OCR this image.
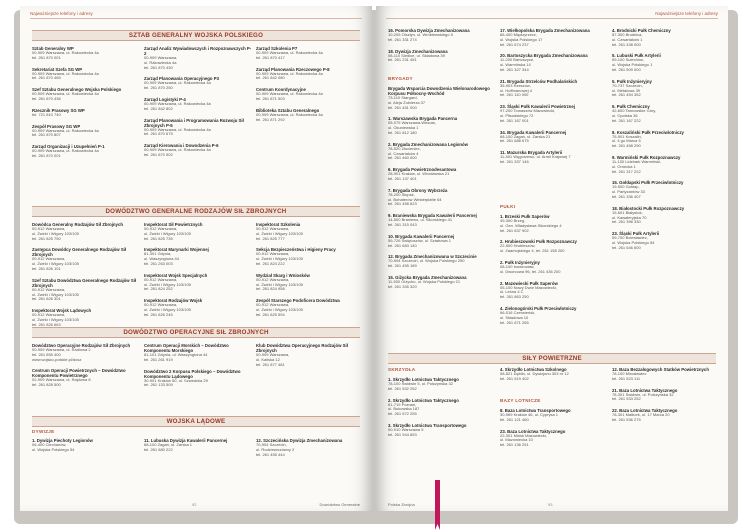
Najważniejsze telefony i adresy
SZTAB GENERALNY WOJSKA POLSKIEGO
Sztab Generalny WP
00-909 Warszawa, ul. Rakowiecka 4a
tel. 261 870 001
Sekretariat Szefa SG WP
00-909 Warszawa, ul. Rakowiecka 4a
tel. 261 870 465
Szef Sztabu Generalnego Wojska Polskiego
00-909 Warszawa, ul. Rakowiecka 4a
tel. 261 870 436
Rzecznik Prasowy SG WP
tel. 721 810 740
Zespół Prasowy SG WP
00-909 Warszawa, ul. Rakowiecka 4a
tel. 261 870 807
Zarząd Organizacji i Uzupełnień P-1
00-909 Warszawa, ul. Rakowiecka 4a
tel. 261 870 001
Zarząd Analiz Wywiadowczych i Rozpoznawczych P-2
00-909 Warszawa,
ul. Rakowiecka 4a
tel. 261 870 430
Zarząd Planowania Operacyjnego P3
00-909 Warszawa, ul. Rakowiecka 4a
tel. 261 870 250
Zarząd Logistyki P-4
00-909 Warszawa, ul. Rakowiecka 4a
tel. 261 842 802
Zarząd Planowania i Programowania Rozwoju Sił Zbrojnych P-5
00-909 Warszawa, ul. Rakowiecka 4a
tel. 261 870 675
Zarząd Kierowania i Dowodzenia P-6
00-909 Warszawa, ul. Rakowiecka 4a
tel. 261 870 502
Zarząd Szkolenia P7
00-909 Warszawa, ul. Rakowiecka 4a
tel. 261 870 417
Zarząd Planowania Rzeczowego P-8
00-909 Warszawa, ul. Rakowiecka 4a
tel. 261 842 080
Centrum Koordynacyjne
00-909 Warszawa, ul. Rakowiecka 4a
tel. 261 871 503
Biblioteka Sztabu Generalnego
00-909 Warszawa, ul. Rakowiecka 4a
tel. 261 871 292
DOWÓDZTWO GENERALNE RODZAJÓW SIŁ ZBROJNYCH
Dowódca Generalny Rodzajów Sił Zbrojnych
00-912 Warszawa,
ul. Żwirki i Wigury 103/105
tel. 261 825 750
Zastępca Dowódcy Generalnego Rodzajów Sił Zbrojnych
00-912 Warszawa,
ul. Żwirki i Wigury 103/105
tel. 261 826 101
Szef Sztabu Dowództwa Generalnego Rodzajów Sił Zbrojnych
00-912 Warszawa,
ul. Żwirki i Wigury 103/105
tel. 261 826 301
Inspektorat Wojsk Lądowych
00-912 Warszawa,
ul. Żwirki i Wigury 103/105
tel. 261 826 663
Inspektorat Sił Powietrznych
00-912 Warszawa,
ul. Żwirki i Wigury 103/105
tel. 261 825 735
Inspektorat Marynarki Wojennej
81-301 Gdynia,
ul. Waszyngtona 44
tel. 261 263 003
Inspektorat Wojsk Specjalnych
00-912 Warszawa,
ul. Żwirki i Wigury 103/105
tel. 261 824 252
Inspektorat Rodzajów Wojsk
00-912 Warszawa,
ul. Żwirki i Wigury 103/105
tel. 261 826 245
Inspektorat Szkolenia
00-912 Warszawa,
ul. Żwirki i Wigury 103/105
tel. 261 825 777
Sekcja Bezpieczeństwa i Higieny Pracy
00-912 Warszawa,
ul. Żwirki i Wigury 103/105
tel. 261 824 222
Wydział Skarg i Wniosków
00-912 Warszawa,
ul. Żwirki i Wigury 103/105
tel. 261 824 958
Zespół Starszego Podoficera Dowództwa
00-912 Warszawa,
ul. Żwirki i Wigury 103/105
tel. 261 825 594
DOWÓDZTWO OPERACYJNE SIŁ ZBROJNYCH
Dowództwo Operacyjne Rodzajów Sił Zbrojnych
00-909 Warszawa, ul. Radiowa 2
tel. 261 855 400
www.wojsko-polskie.pl/dosz
Centrum Operacji Powietrznych – Dowództwo Komponentu Powietrznego
02-909 Warszawa, ul. Rajdowa 8
tel. 261 828 500
Centrum Operacji Morskich – Dowództwo Komponentu Morskiego
81-101 Gdynia, ul. Waszyngtona 44
tel. 261 261 919
Dowództwo 2 Korpusu Polskiego – Dowództwo Komponentu Lądowego
30-901 Kraków 50, ul. Szwedzka 29
tel. 261 133 509
Klub Dowództwa Operacyjnego Rodzajów Sił Zbrojnych
00-909 Warszawa,
ul. Kaliska 12
tel. 261 877 481
WOJSKA LĄDOWE
DYWIZJE
1. Dywizja Piechoty Legionów
06-400 Ciechanów,
ul. Wojska Polskiego 54
11. Lubuska Dywizja Kawalerii Pancernej
68-100 Żagań, ul. Żarska 1
tel. 261 680 222
12. Szczecińska Dywizja Zmechanizowana
70-904 Szczecin,
ul. Rodziewiczówny 2
tel. 261 455 444
92	Dowództwo Generalne
Najważniejsze telefony i adresy
16. Pomorska Dywizja Zmechanizowana
10-205 Olsztyn, ul. Wróblewskiego 5
tel. 261 331 274
18. Dywizja Zmechanizowana
08-110 Siedlce, ul. Składowa 39
tel. 261 231 451
BRYGADY
Brygada Wsparcia Dowodzenia Wielonarodowego Korpusu Północny-Wschód
73-110 Stargard,
ul. Aleja Żołnierza 37
tel. 261 451 000
1. Warszawska Brygada Pancerna
05-075 Warszawa-Wesoła,
ul. Okuniewska 1
tel. 261 812 180
2. Brygada Zmechanizowana Legionów
78-520 Złocieniec,
ul. Czwartaków 4
tel. 261 460 000
6. Brygada Powietrznodesantowa
28-901 Kraków, ul. Wrocławska 21
tel. 261 137 401
7. Brygada Obrony Wybrzeża
78-200 Słupsk,
ul. Bohaterów Westerplatte 64
tel. 261 458 623
9. Braniewska Brygada Kawalerii Pancernej
14-500 Braniewo, ul. Sikorskiego 41
tel. 261 315 043
10. Brygada Kawalerii Pancernej
59-726 Świętoszów, ul. Sztabowa 1
tel. 261 683 140
12. Brygada Zmechanizowana w Szczecinie
70-904 Szczecin, ul. Wojska Polskiego 250
tel. 261 455 189
15. Giżycka Brygada Zmechanizowana
11-500 Giżycko, ul. Wojska Polskiego 21
tel. 261 335 320
17. Wielkopolska Brygada Zmechanizowana
66-400 Międzyrzecz,
ul. Wojska Polskiego 17
tel. 261 674 237
20. Bartoszycka Brygada Zmechanizowana
11-200 Bartoszyce,
ul. Warmińska 14
tel. 261 327 344
21. Brygada Strzelców Podhalańskich
35-903 Rzeszów,
ul. Hoffmanowej 4
tel. 261 110 000
23. Śląski Pułk Kawalerii Powietrznej
97-200 Tomaszów Mazowiecki,
ul. Piłsudskiego 72
tel. 261 167 001
34. Brygada Kawalerii Pancernej
68-100 Żagań, ul. Żarska 21
tel. 261 688 675
11. Mazurska Brygada Artylerii
11-401 Węgorzewo, ul. Armii Krajowej 7
tel. 261 337 146
PUŁKI
1. Brzeski Pułk Saperów
49-300 Brzeg,
ul. Gen. Władysława Sikorskiego 4
tel. 261 637 902
2. Hrubieszowski Pułk Rozpoznawczy
22-500 Hrubieszów,
ul. Zaamojskiego 4, tel. 261 158 200
2. Pułk Inżynieryjny
08-100 Inowrocław,
ul. Dworcowa 96, tel. 261 436 200
2. Mazowiecki Pułk Saperów
05-100 Nowy Dwór Mazowiecki,
ul. Leśna 4 C
tel. 261 863 250
4. Zielonogórski Pułk Przeciwlotniczy
66-016 Czerwieńsk,
ul. Składowa 10
tel. 261 671 265
4. Brodnicki Pułk Chemiczny
87-300 Brodnica,
ul. Czwartaków 1
tel. 261 438 000
5. Lubuski Pułk Artylerii
69-100 Sulechów,
ul. Wojska Polskiego 1
tel. 261 509 000
5. Pułk Inżynieryjny
70-737 Szczecin,
ul. Metalowa 39
tel. 261 454 352
5. Pułk Chemiczny
42-600 Tarnowskie Góry,
ul. Opolska 36
tel. 261 167 222
8. Koszaliński Pułk Przeciwlotniczy
75-901 Koszalin,
ul. 4 go Marca 5
tel. 261 458 290
9. Warmiński Pułk Rozpoznawczy
11-100 Lidzbark Warmiński,
ul. Orneckа 1
tel. 261 317 222
15. Gołdapski Pułk Przeciwlotniczy
19-500 Gołdap,
ul. Partyzantów 33
tel. 261 336 407
18. Białostocki Pułk Rozpoznawczy
15-601 Białystok,
ul. Kawaleryjska 70
tel. 261 396 330
23. Śląski Pułk Artylerii
59-700 Bolesławiec,
ul. Wojska Polskiego 54
tel. 261 646 600
SIŁY POWIETRZNE
SKRZYDŁA
1. Skrzydło Lotnictwa Taktycznego
78-100 Świdwin 5, ul. Połczyńska 32
tel. 261 532 252
2. Skrzydło Lotnictwa Taktycznego
61-719 Poznań,
ul. Bukowska 187
tel. 261 572 255
3. Skrzydło Lotnictwa Transportowego
00-910 Warszawa 5
tel. 261 944 653
4. Skrzydło Lotnictwa Szkolnego
08-521 Dęblin, ul. Dywizjonu 303 nr 12
tel. 261 519 402
BAZY LOTNICZE
8. Baza Lotnictwa Transportowego
30-969 Kraków 46, ul. Cyprysa 1
tel. 261 121 460
23. Baza Lotnictwa Taktycznego
22-301 Mińsk Mazowiecki,
ul. Mazowiecka 10
tel. 261 136 251
12. Baza Bezzałogowych Statków Powietrznych
78-100 Mirosławiec
tel. 261 523 111
21. Baza Lotnictwa Taktycznego
78-301 Świdwin, ul. Połczyńska 32
tel. 261 533 252
22. Baza Lotnictwa Taktycznego
78-301 Malbork, ul. 17 Marca 20
tel. 261 536 275
Polska Zbrojna	93
